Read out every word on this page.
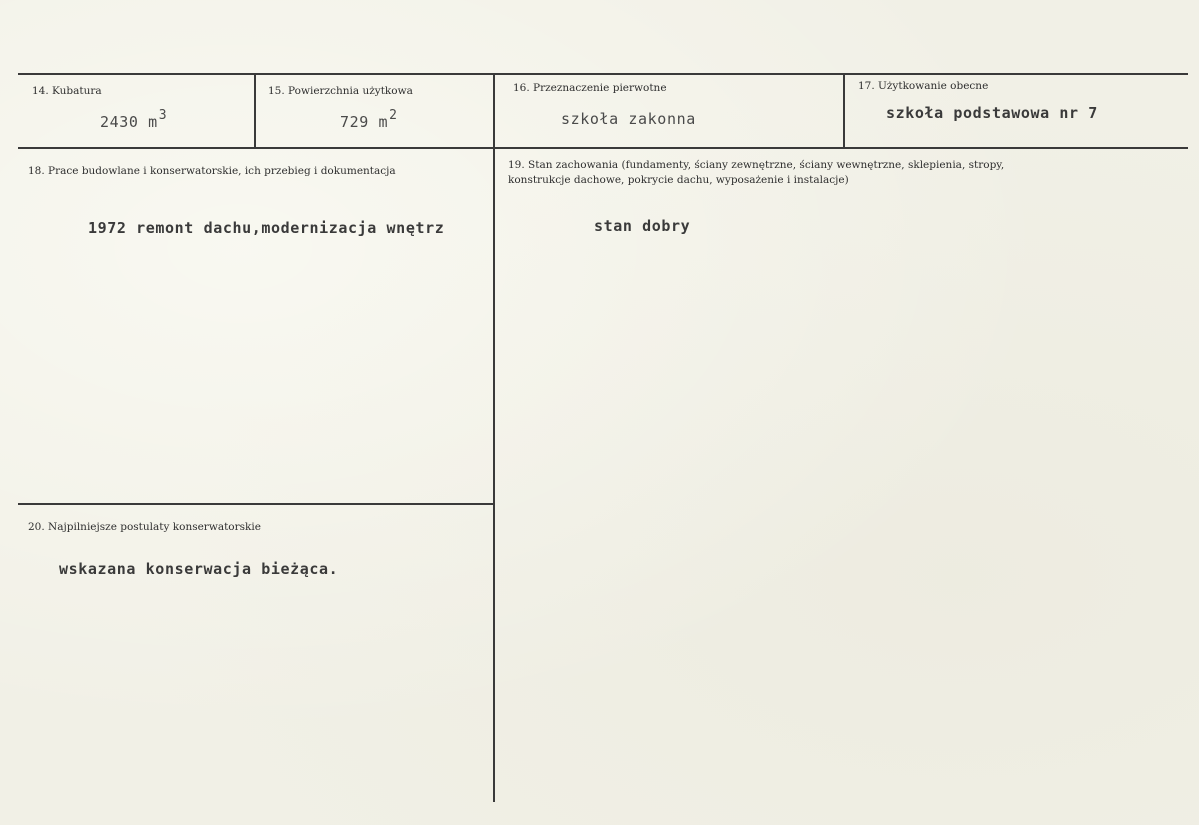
14. Kubatura
2430 $m^3$
15. Powierzchnia użytkowa
729 $m^2$
16. Przeznaczenie pierwotne
szkoła zakonna
17. Użytkowanie obecne
szkoła podstawowa nr 7
18. Prace budowlane i konserwatorskie, ich przebieg i dokumentacja
1972 remont dachu,modernizacja wnętrz
19. Stan zachowania (fundamenty, ściany zewnętrzne, ściany wewnętrzne, sklepienia, stropy,
konstrukcje dachowe, pokrycie dachu, wyposażenie i instalacje)
stan dobry
20. Najpilniejsze postulaty konserwatorskie
wskazana konserwacja bieżąca.
